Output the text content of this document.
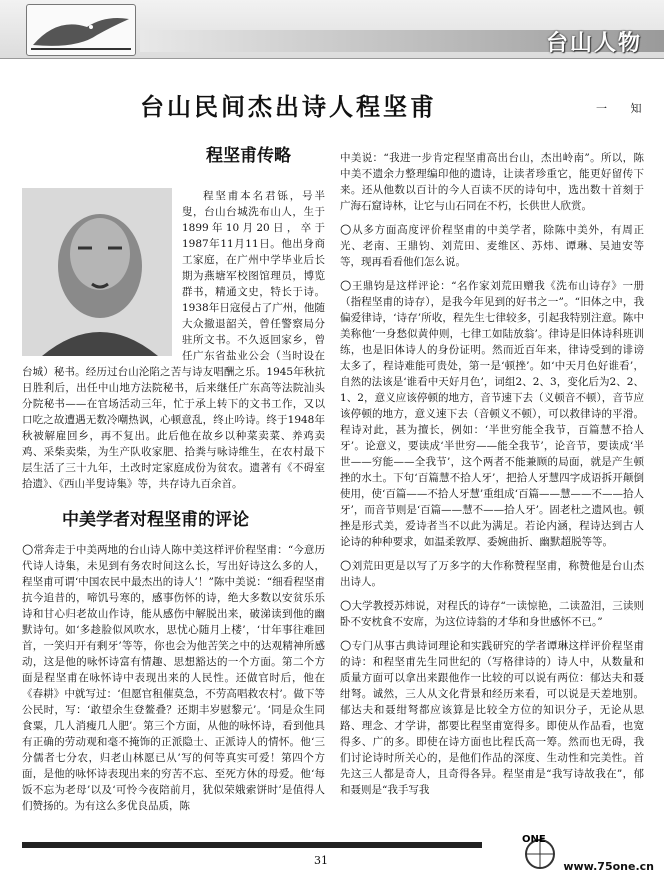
台山人物
台山民间杰出诗人程坚甫	一 知
程坚甫传略

程坚甫本名君铄，号半叟，台山台城洗布山人，生于1899年10月20日，卒于1987年11月11日。他出身商工家庭，在广州中学毕业后长期为燕塘军校图馆理员，博览群书，精通文史，特长于诗。1938年日寇侵占了广州，他随大众撤退韶关，曾任警察局分驻所文书。不久返回家乡，曾任广东省盐业公会（当时设在台城）秘书。经历过台山沦陷之苦与诗友唱酬之乐。1945年秋抗日胜利后，出任中山地方法院秘书，后来继任广东高等法院汕头分院秘书——在官场活动三年，忙于承上转下的文书工作，又以口吃之故遭遇无数冷嘲热讽，心顿意乱，终止吟诗。终于1948年秋被解雇回乡，再不复出。此后他在故乡以种菜卖菜、养鸡卖鸡、采柴卖柴，为生产队收家肥、拾粪与咏诗维生，在农村最下层生活了三十九年，土改时定家庭成份为贫农。遗著有《不碍室拾遗》、《西山半叟诗集》等，共存诗九百余首。

中美学者对程坚甫的评论

○常奔走于中美两地的台山诗人陈中美这样评价程坚甫：“今意历代诗人诗集，未见到有务农时间这么长，写出好诗这么多的人，程坚甫可谓‘中国农民中最杰出的诗人’！”陈中美说：“细看程坚甫抗今追昔的，啼饥号寒的，感事伤怀的诗，绝大多数以安贫乐乐诗和甘心归老故山作诗，能从感伤中解脱出来，破涕读到他的幽默诗句。如‘多趁脸似风吹水，思忧心随月上楼’，‘廿年事往难回首，一笑归开有剩牙’等等，你也会为他苦笑之中的达观精神所感动，这是他的咏怀诗富有情趣、思想豁达的一个方面。第二个方面是程坚甫在咏怀诗中表现出来的人民性。还做官时后，他在《春耕》中就写过：‘但愿官租催莫急，不劳高唱救农村’。做下等公民时，写：‘敢望余生登鳌叠？还期丰岁慰黎元’。‘同是众生同食粟，几人消瘦几人肥’。第三个方面，从他的咏怀诗，看到他具有正确的劳动观和毫不掩饰的正派隐士、正派诗人的情怀。他‘三分儒者七分农，归老山林愿已从’写的何等真实可爱！第四个方面，是他的咏怀诗表现出来的穷苦不忘、至死方休的母爱。他‘每饭不忘为老母’以及‘可怜今夜陪前月，犹似荣娥索饼时’是值得人们赞扬的。为有这么多优良品质，陈

中美说：“我进一步肯定程坚甫高出台山，杰出岭南”。所以，陈中美不遗余力整理编印他的遗诗，让读者珍重它，能更好留传下来。还从他数以百计的今人百读不厌的诗句中，选出数十首刻于广海石窟诗林，让它与山石同在不朽，长供世人欣赏。

○从多方面高度评价程坚甫的中美学者，除陈中美外，有周正光、老南、王鼎钧、刘荒田、麦维区、苏炜、谭琳、吴迪安等等，现再看看他们怎么说。

○王鼎钧是这样评论：“名作家刘荒田赠我《洗布山诗存》一册（指程坚甫的诗存），是我今年见到的好书之一”。“旧体之中，我偏爱律诗，‘诗存’所收，程先生七律较多，引起我特别注意。陈中美称他‘一身愁似黄仲则，七律工如陆放翁’。律诗是旧体诗科班训练，也是旧体诗人的身份证明。然而近百年来，律诗受到的诽谤太多了，程诗难能可贵处，第一是‘顿挫’。如‘中天月色好谁看’，自然的法该是‘谁看中天好月色’，词组2、2、3，变化后为2、2、1、2，意义应该停顿的地方，音节速下去（义顿音不顿），音节应该停顿的地方，意义速下去（音顿义不顿），可以救律诗的平滑。程诗对此，甚为擅长，例如：‘半世穷能全我节，百篇慧不拾人牙’。论意义，要读成‘半世穷——能全我节’，论音节，要读成‘半世——穷能——全我节’，这个两者不能兼顾的局面，就是产生顿挫的水土。下句‘百篇慧不拾人牙’，把拾人牙慧四字成语拆开颠倒使用，使‘百篇——不拾人牙慧’重组成‘百篇——慧——不——拾人牙’，而音节则是‘百篇——慧不——拾人牙’。固老杜之遗风也。顿挫是形式美，爱诗者当不以此为满足。若论内涵，程诗达到古人论诗的种种要求，如温柔敦厚、委婉曲折、幽默超脱等等。

○刘荒田更是以写了万多字的大作称赞程坚甫，称赞他是台山杰出诗人。

○大学教授苏炜说，对程氏的诗存“一读惊艳，二读盈泪，三读则卧不安枕食不安席，为这位诗翁的才华和身世感怀不已。”

○专门从事古典诗词理论和实践研究的学者谭琳这样评价程坚甫的诗：和程坚甫先生同世纪的（写格律诗的）诗人中，从数量和质量方面可以拿出来跟他作一比较的可以说有两位：郁达夫和聂绀弩。诚然，三人从文化背景和经历来看，可以说是天差地别。郁达夫和聂绀弩都应该算是比较全方位的知识分子，无论从思路、理念、才学讲，都要比程坚甫宽得多。即使从作品看，也宽得多、广的多。即使在诗方面也比程氏高一筹。然而也无碍，我们讨论诗时所关心的，是他们作品的深度、生动性和完美性。首先这三人都是奇人，且奇得各异。程坚甫是“我写诗故我在”，郁和聂则是“我手写我

31
ONE
www.75one.cn
